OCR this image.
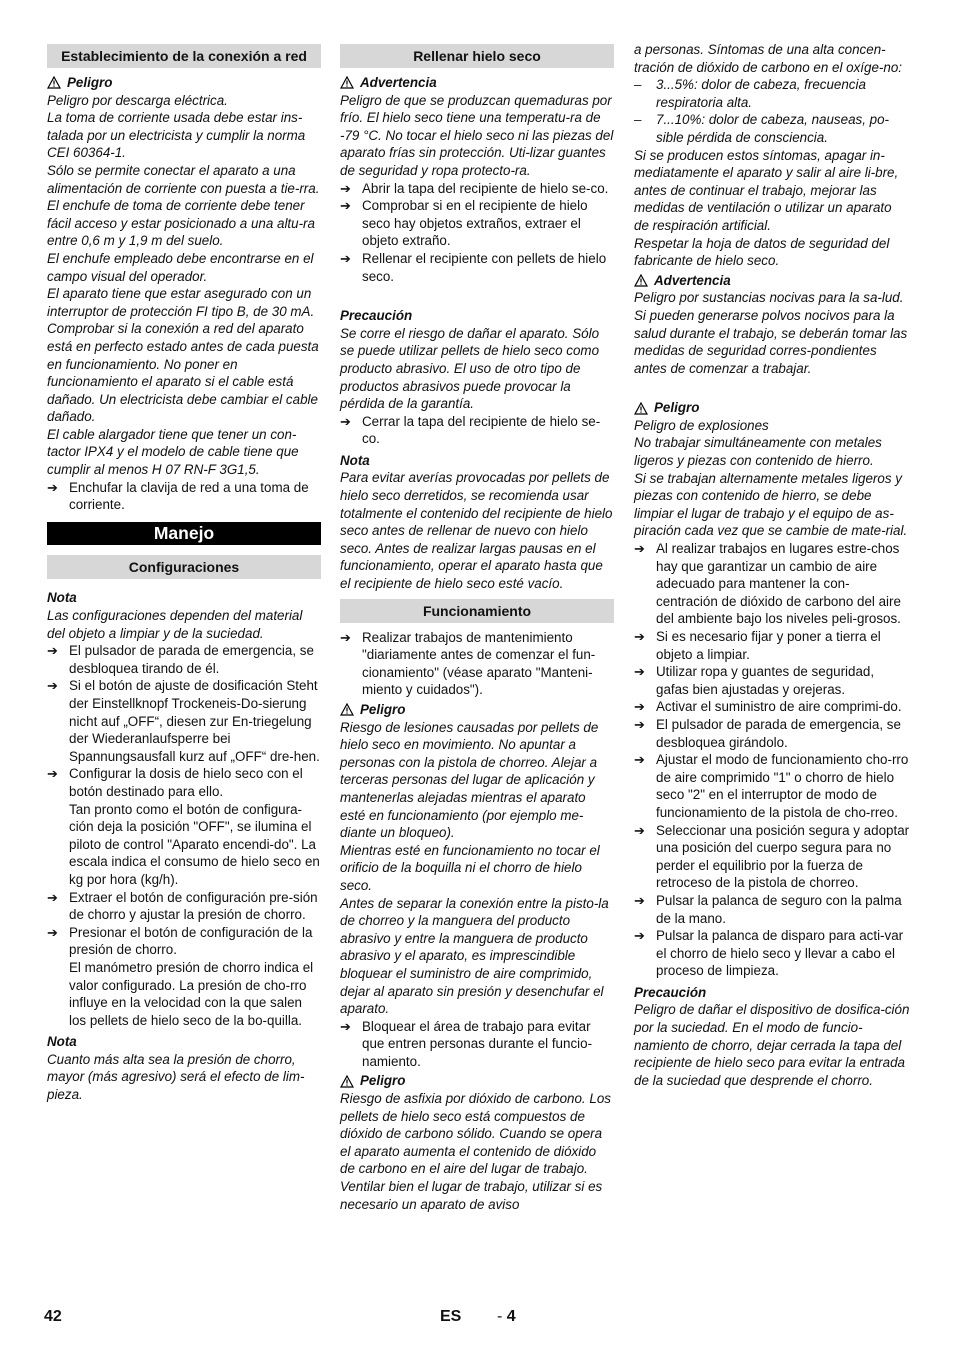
Establecimiento de la conexión a red
Peligro
Peligro por descarga eléctrica.
La toma de corriente usada debe estar ins-talada por un electricista y cumplir la norma CEI 60364-1.
Sólo se permite conectar el aparato a una alimentación de corriente con puesta a tie-rra.
El enchufe de toma de corriente debe tener fácil acceso y estar posicionado a una altu-ra entre 0,6 m y 1,9 m del suelo.
El enchufe empleado debe encontrarse en el campo visual del operador.
El aparato tiene que estar asegurado con un interruptor de protección FI tipo B, de 30 mA.
Comprobar si la conexión a red del aparato está en perfecto estado antes de cada puesta en funcionamiento. No poner en funcionamiento el aparato si el cable está dañado. Un electricista debe cambiar el cable dañado.
El cable alargador tiene que tener un con-tactor IPX4 y el modelo de cable tiene que cumplir al menos H 07 RN-F 3G1,5.
➔ Enchufar la clavija de red a una toma de corriente.
Manejo
Configuraciones
Nota
Las configuraciones dependen del material del objeto a limpiar y de la suciedad.
➔ El pulsador de parada de emergencia, se desbloquea tirando de él.
➔ Si el botón de ajuste de dosificación Steht der Einstellknopf Trockeneis-Do-sierung nicht auf „OFF“, diesen zur En-triegelung der Wiederanlaufsperre bei Spannungsausfall kurz auf „OFF“ dre-hen.
➔ Configurar la dosis de hielo seco con el botón destinado para ello.
Tan pronto como el botón de configura-ción deja la posición "OFF", se ilumina el piloto de control "Aparato encendi-do". La escala indica el consumo de hielo seco en kg por hora (kg/h).
➔ Extraer el botón de configuración pre-sión de chorro y ajustar la presión de chorro.
➔ Presionar el botón de configuración de la presión de chorro.
El manómetro presión de chorro indica el valor configurado. La presión de cho-rro influye en la velocidad con la que salen los pellets de hielo seco de la bo-quilla.
Nota
Cuanto más alta sea la presión de chorro, mayor (más agresivo) será el efecto de lim-pieza.
Rellenar hielo seco
Advertencia
Peligro de que se produzcan quemaduras por frío. El hielo seco tiene una temperatu-ra de -79 °C. No tocar el hielo seco ni las piezas del aparato frías sin protección. Uti-lizar guantes de seguridad y ropa protecto-ra.
➔ Abrir la tapa del recipiente de hielo se-co.
➔ Comprobar si en el recipiente de hielo seco hay objetos extraños, extraer el objeto extraño.
➔ Rellenar el recipiente con pellets de hielo seco.
Precaución
Se corre el riesgo de dañar el aparato. Sólo se puede utilizar pellets de hielo seco como producto abrasivo. El uso de otro tipo de productos abrasivos puede provocar la pérdida de la garantía.
➔ Cerrar la tapa del recipiente de hielo se-co.
Nota
Para evitar averías provocadas por pellets de hielo seco derretidos, se recomienda usar totalmente el contenido del recipiente de hielo seco antes de rellenar de nuevo con hielo seco. Antes de realizar largas pausas en el funcionamiento, operar el aparato hasta que el recipiente de hielo seco esté vacío.
Funcionamiento
➔ Realizar trabajos de mantenimiento "diariamente antes de comenzar el fun-cionamiento" (véase aparato "Manteni-miento y cuidados").
Peligro
Riesgo de lesiones causadas por pellets de hielo seco en movimiento. No apuntar a personas con la pistola de chorreo. Alejar a terceras personas del lugar de aplicación y mantenerlas alejadas mientras el aparato esté en funcionamiento (por ejemplo me-diante un bloqueo).
Mientras esté en funcionamiento no tocar el orificio de la boquilla ni el chorro de hielo seco.
Antes de separar la conexión entre la pisto-la de chorreo y la manguera del producto abrasivo y entre la manguera de producto abrasivo y el aparato, es imprescindible bloquear el suministro de aire comprimido, dejar al aparato sin presión y desenchufar el aparato.
➔ Bloquear el área de trabajo para evitar que entren personas durante el funcio-namiento.
Peligro
Riesgo de asfixia por dióxido de carbono. Los pellets de hielo seco está compuestos de dióxido de carbono sólido. Cuando se opera el aparato aumenta el contenido de dióxido de carbono en el aire del lugar de trabajo. Ventilar bien el lugar de trabajo, utilizar si es necesario un aparato de aviso
a personas. Síntomas de una alta concen-tración de dióxido de carbono en el oxíge-no:
– 3...5%: dolor de cabeza, frecuencia respiratoria alta.
– 7...10%: dolor de cabeza, nauseas, po-sible pérdida de consciencia.
Si se producen estos síntomas, apagar in-mediatamente el aparato y salir al aire li-bre, antes de continuar el trabajo, mejorar las medidas de ventilación o utilizar un aparato de respiración artificial.
Respetar la hoja de datos de seguridad del fabricante de hielo seco.
Advertencia
Peligro por sustancias nocivas para la sa-lud. Si pueden generarse polvos nocivos para la salud durante el trabajo, se deberán tomar las medidas de seguridad corres-pondientes antes de comenzar a trabajar.
Peligro
Peligro de explosiones
No trabajar simultáneamente con metales ligeros y piezas con contenido de hierro.
Si se trabajan alternamente metales ligeros y piezas con contenido de hierro, se debe limpiar el lugar de trabajo y el equipo de as-piración cada vez que se cambie de mate-rial.
➔ Al realizar trabajos en lugares estre-chos hay que garantizar un cambio de aire adecuado para mantener la con-centración de dióxido de carbono del aire del ambiente bajo los niveles peli-grosos.
➔ Si es necesario fijar y poner a tierra el objeto a limpiar.
➔ Utilizar ropa y guantes de seguridad, gafas bien ajustadas y orejeras.
➔ Activar el suministro de aire comprimi-do.
➔ El pulsador de parada de emergencia, se desbloquea girándolo.
➔ Ajustar el modo de funcionamiento cho-rro de aire comprimido "1" o chorro de hielo seco "2" en el interruptor de modo de funcionamiento de la pistola de cho-rreo.
➔ Seleccionar una posición segura y adoptar una posición del cuerpo segura para no perder el equilibrio por la fuerza de retroceso de la pistola de chorreo.
➔ Pulsar la palanca de seguro con la palma de la mano.
➔ Pulsar la palanca de disparo para acti-var el chorro de hielo seco y llevar a cabo el proceso de limpieza.
Precaución
Peligro de dañar el dispositivo de dosifica-ción por la suciedad. En el modo de funcio-namiento de chorro, dejar cerrada la tapa del recipiente de hielo seco para evitar la entrada de la suciedad que desprende el chorro.
42	ES - 4
